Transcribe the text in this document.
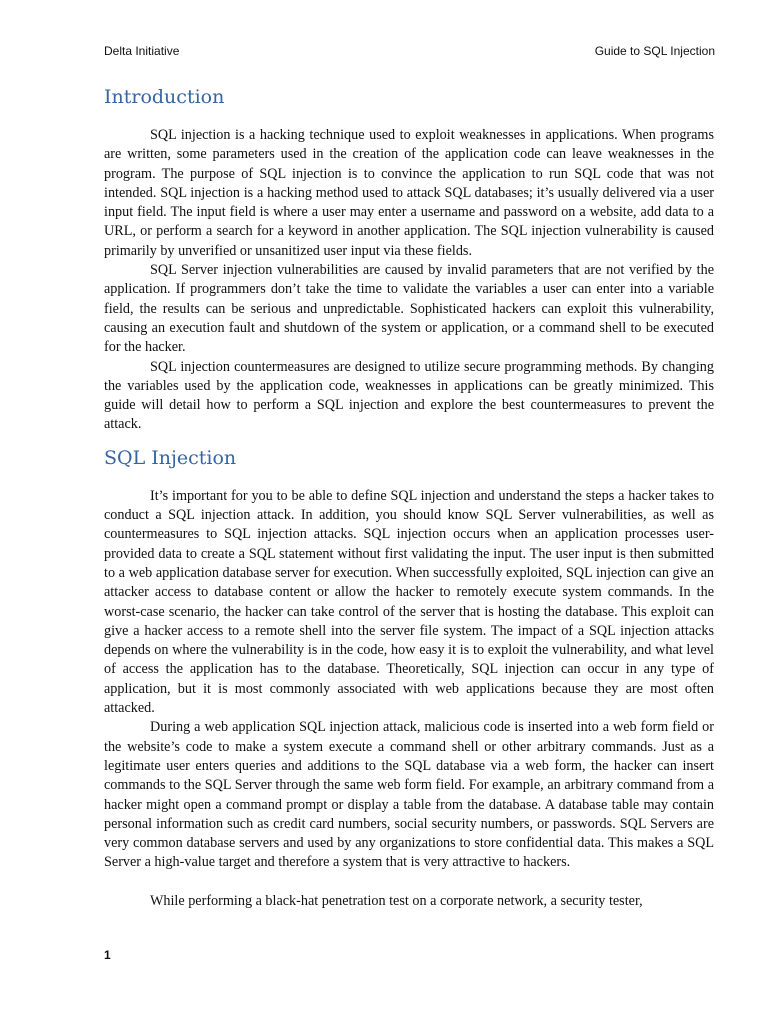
Delta Initiative	Guide to SQL Injection
Introduction

SQL injection is a hacking technique used to exploit weaknesses in applications. When programs are written, some parameters used in the creation of the application code can leave weaknesses in the program. The purpose of SQL injection is to convince the application to run SQL code that was not intended. SQL injection is a hacking method used to attack SQL databases; it’s usually delivered via a user input field. The input field is where a user may enter a username and password on a website, add data to a URL, or perform a search for a keyword in another application. The SQL injection vulnerability is caused primarily by unverified or unsanitized user input via these fields.

SQL Server injection vulnerabilities are caused by invalid parameters that are not verified by the application. If programmers don’t take the time to validate the variables a user can enter into a variable field, the results can be serious and unpredictable. Sophisticated hackers can exploit this vulnerability, causing an execution fault and shutdown of the system or application, or a command shell to be executed for the hacker.

SQL injection countermeasures are designed to utilize secure programming methods. By changing the variables used by the application code, weaknesses in applications can be greatly minimized. This guide will detail how to perform a SQL injection and explore the best countermeasures to prevent the attack.

SQL Injection

It’s important for you to be able to define SQL injection and understand the steps a hacker takes to conduct a SQL injection attack. In addition, you should know SQL Server vulnerabilities, as well as countermeasures to SQL injection attacks. SQL injection occurs when an application processes user-provided data to create a SQL statement without first validating the input. The user input is then submitted to a web application database server for execution. When successfully exploited, SQL injection can give an attacker access to database content or allow the hacker to remotely execute system commands. In the worst-case scenario, the hacker can take control of the server that is hosting the database. This exploit can give a hacker access to a remote shell into the server file system. The impact of a SQL injection attacks depends on where the vulnerability is in the code, how easy it is to exploit the vulnerability, and what level of access the application has to the database. Theoretically, SQL injection can occur in any type of application, but it is most commonly associated with web applications because they are most often attacked.

During a web application SQL injection attack, malicious code is inserted into a web form field or the website’s code to make a system execute a command shell or other arbitrary commands. Just as a legitimate user enters queries and additions to the SQL database via a web form, the hacker can insert commands to the SQL Server through the same web form field. For example, an arbitrary command from a hacker might open a command prompt or display a table from the database. A database table may contain personal information such as credit card numbers, social security numbers, or passwords. SQL Servers are very common database servers and used by any organizations to store confidential data. This makes a SQL Server a high-value target and therefore a system that is very attractive to hackers.

While performing a black-hat penetration test on a corporate network, a security tester,

1
